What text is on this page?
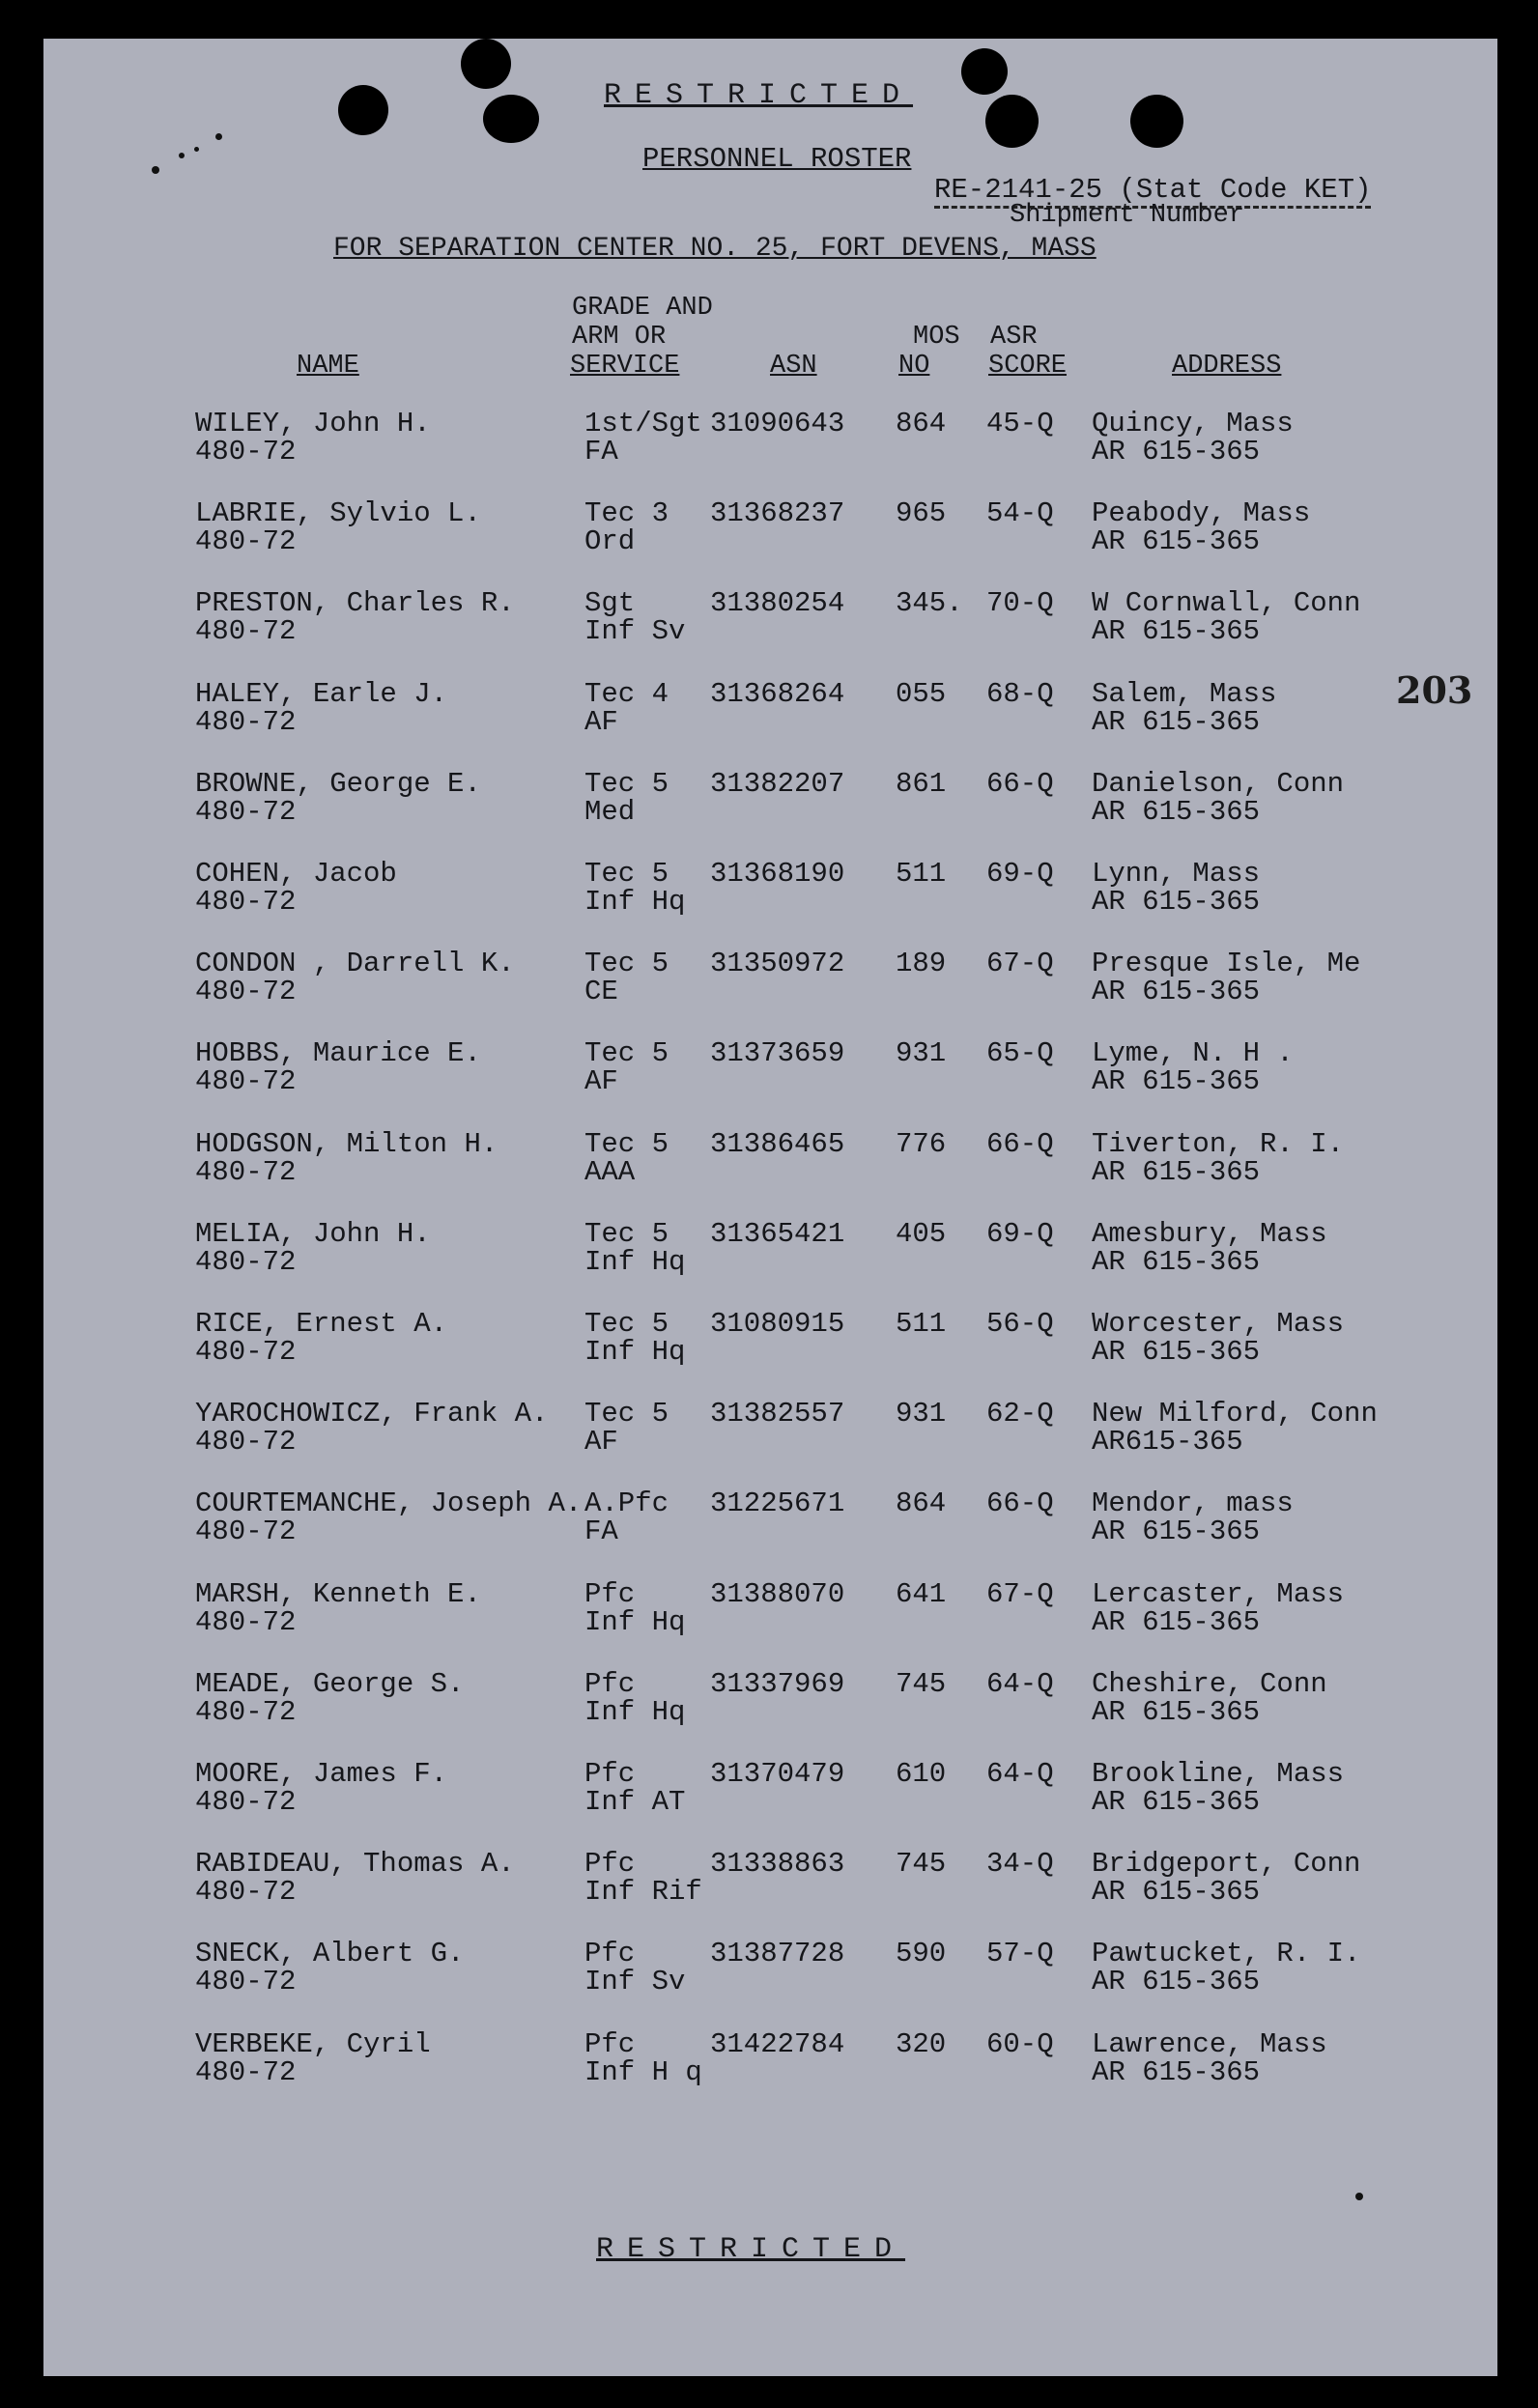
RESTRICTED
PERSONNEL ROSTER
RE-2141-25 (Stat Code KET)
Shipment Number
FOR SEPARATION CENTER NO. 25, FORT DEVENS, MASS
203
NAME
GRADE AND
ARM OR
SERVICE	ASN
MOS
NO
ASR
SCORE	ADDRESS
WILEY, John H.
480-72
1st/Sgt
FA
31090643 864 45-Q Quincy, Mass
AR 615-365
LABRIE, Sylvio L.
480-72
Tec 3
Ord
31368237 965 54-Q Peabody, Mass
AR 615-365
PRESTON, Charles R.
480-72
Sgt
Inf Sv
31380254 345. 70-Q W Cornwall, Conn
AR 615-365
HALEY, Earle J.
480-72
Tec 4
AF
31368264 055 68-Q Salem, Mass
AR 615-365
BROWNE, George E.
480-72
Tec 5
Med
31382207 861 66-Q Danielson, Conn
AR 615-365
COHEN, Jacob
480-72
Tec 5
Inf Hq
31368190 511 69-Q Lynn, Mass
AR 615-365
CONDON , Darrell K.
480-72
Tec 5
CE
31350972 189 67-Q Presque Isle, Me
AR 615-365
HOBBS, Maurice E.
480-72
Tec 5
AF
31373659 931 65-Q Lyme, N. H .
AR 615-365
HODGSON, Milton H.
480-72
Tec 5
AAA
31386465 776 66-Q Tiverton, R. I.
AR 615-365
MELIA, John H.
480-72
Tec 5
Inf Hq
31365421 405 69-Q Amesbury, Mass
AR 615-365
RICE, Ernest A.
480-72
Tec 5
Inf Hq
31080915 511 56-Q Worcester, Mass
AR 615-365
YAROCHOWICZ, Frank A.
480-72
Tec 5
AF
31382557 931 62-Q New Milford, Conn
AR615-365
COURTEMANCHE, Joseph A.
480-72
A.Pfc
FA
31225671 864 66-Q Mendor, mass
AR 615-365
MARSH, Kenneth E.
480-72
Pfc
Inf Hq
31388070 641 67-Q Lercaster, Mass
AR 615-365
MEADE, George S.
480-72
Pfc
Inf Hq
31337969 745 64-Q Cheshire, Conn
AR 615-365
MOORE, James F.
480-72
Pfc
Inf AT
31370479 610 64-Q Brookline, Mass
AR 615-365
RABIDEAU, Thomas A.
480-72
Pfc
Inf Rif
31338863 745 34-Q Bridgeport, Conn
AR 615-365
SNECK, Albert G.
480-72
Pfc
Inf Sv
31387728 590 57-Q Pawtucket, R. I.
AR 615-365
VERBEKE, Cyril
480-72
Pfc
Inf H q
31422784 320 60-Q Lawrence, Mass
AR 615-365
RESTRICTED
